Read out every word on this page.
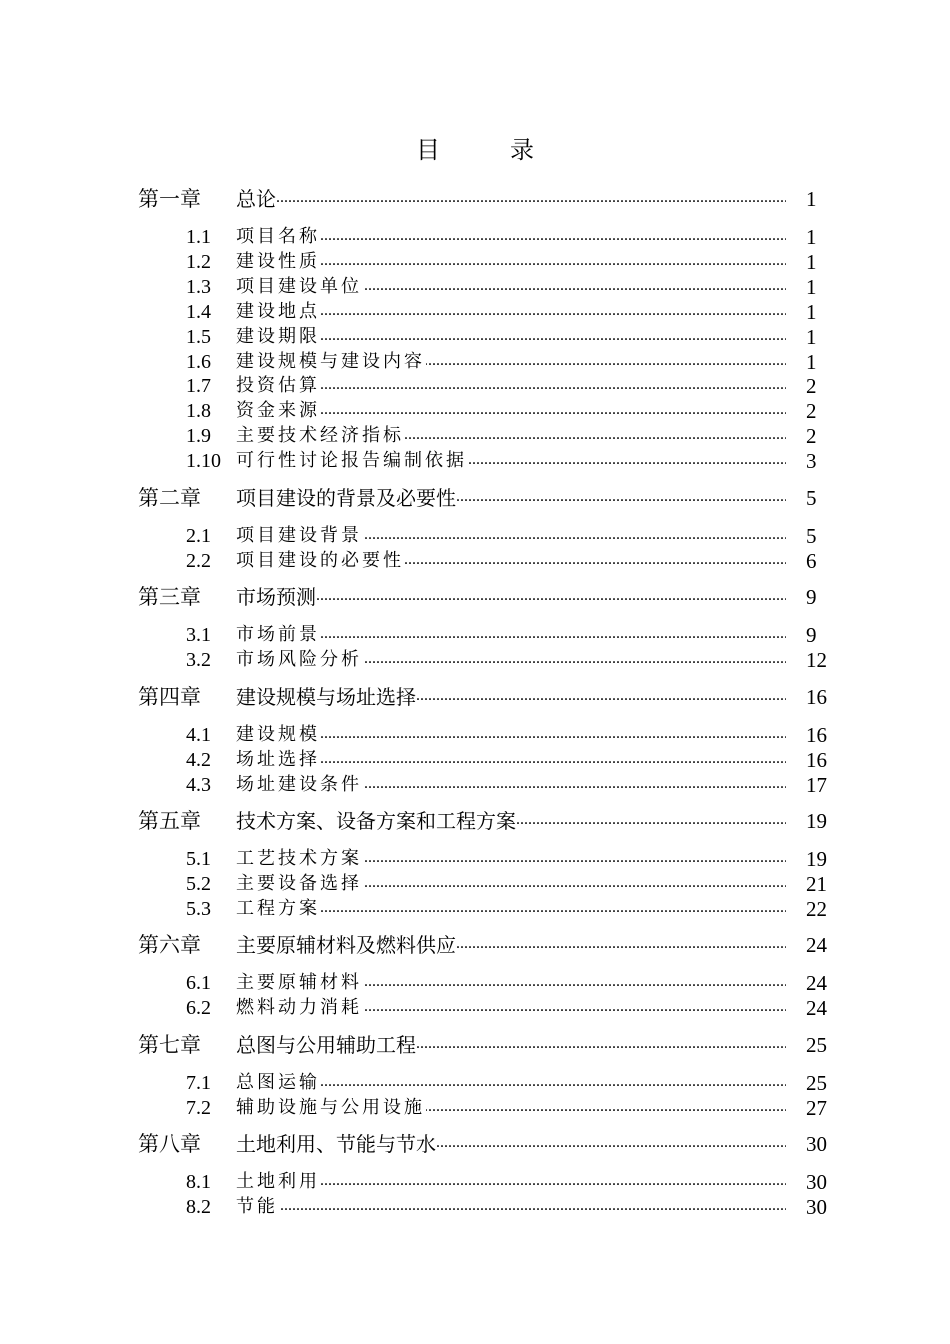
目	录
第一章	总论 .....	1
1.1	项目名称 .....	1
1.2	建设性质 .....	1
1.3	项目建设单位 .....	1
1.4	建设地点 .....	1
1.5	建设期限 .....	1
1.6	建设规模与建设内容 .....	1
1.7	投资估算 .....	2
1.8	资金来源 .....	2
1.9	主要技术经济指标 .....	2
1.10 可行性讨论报告编制依据 .....	3
第二章	项目建设的背景及必要性 .....	5
2.1	项目建设背景 .....	5
2.2	项目建设的必要性 .....	6
第三章	市场预测 .....	9
3.1	市场前景 .....	9
3.2	市场风险分析 .....	12
第四章	建设规模与场址选择 .....	16
4.1	建设规模 .....	16
4.2	场址选择 .....	16
4.3	场址建设条件 .....	17
第五章	技术方案、设备方案和工程方案 .....	19
5.1	工艺技术方案 .....	19
5.2	主要设备选择 .....	21
5.3	工程方案 .....	22
第六章	主要原辅材料及燃料供应 .....	24
6.1	主要原辅材料 .....	24
6.2	燃料动力消耗 .....	24
第七章	总图与公用辅助工程 .....	25
7.1	总图运输 .....	25
7.2	辅助设施与公用设施 .....	27
第八章	土地利用、节能与节水 .....	30
8.1	土地利用 .....	30
8.2	节能 .....	30
